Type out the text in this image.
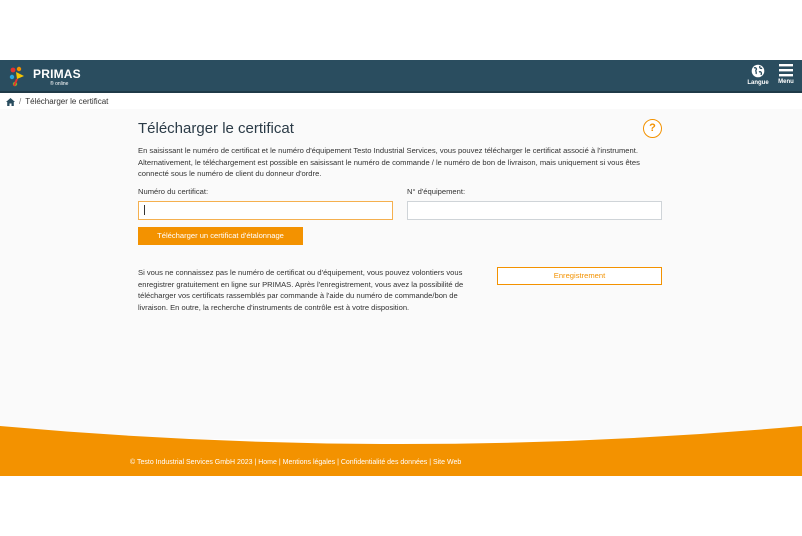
PRIMAS
® online	Langue	Menu
/ Télécharger le certificat
Télécharger le certificat	?

En saisissant le numéro de certificat et le numéro d'équipement Testo Industrial Services, vous pouvez télécharger le certificat associé à l'instrument. Alternativement, le téléchargement est possible en saisissant le numéro de commande / le numéro de bon de livraison, mais uniquement si vous êtes connecté sous le numéro de client du donneur d'ordre.

Numéro du certificat:	N° d'équipement:
Télécharger un certificat d'étalonnage

Si vous ne connaissez pas le numéro de certificat ou d'équipement, vous pouvez volontiers vous enregistrer gratuitement en ligne sur PRIMAS. Après l'enregistrement, vous avez la possibilité de télécharger vos certificats rassemblés par commande à l'aide du numéro de commande/bon de livraison. En outre, la recherche d'instruments de contrôle est à votre disposition.

Enregistrement
© Testo Industrial Services GmbH 2023 | Home | Mentions légales | Confidentialité des données | Site Web
